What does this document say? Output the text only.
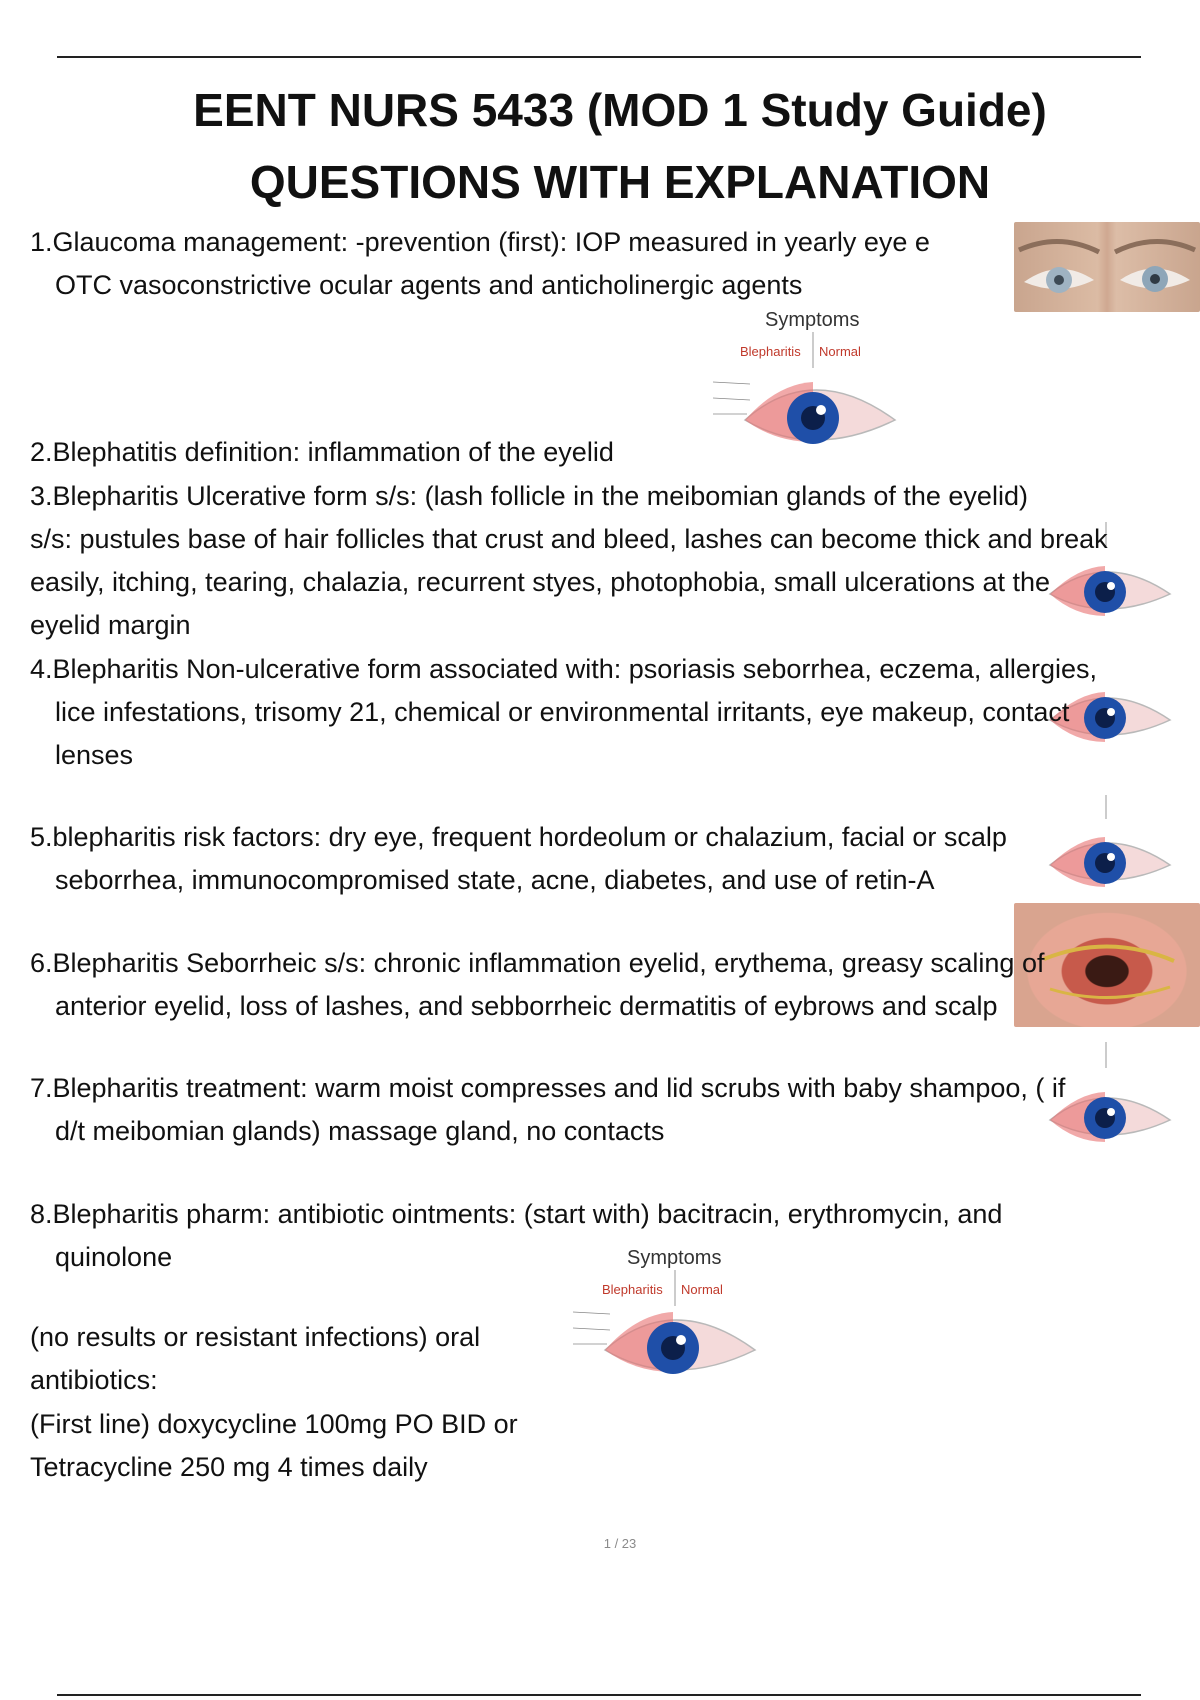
EENT NURS 5433 (MOD 1 Study Guide)
QUESTIONS WITH EXPLANATION
1.Glaucoma management: -prevention (first): IOP measured in yearly eye e
OTC vasoconstrictive ocular agents and anticholinergic agents
Symptoms
Blepharitis Normal
2.Blephatitis definition: inflammation of the eyelid
3.Blepharitis Ulcerative form s/s: (lash follicle in the meibomian glands of the eyelid)
s/s: pustules base of hair follicles that crust and bleed, lashes can become thick and break
easily, itching, tearing, chalazia, recurrent styes, photophobia, small ulcerations at the
eyelid margin
4.Blepharitis Non-ulcerative form associated with: psoriasis seborrhea, eczema, allergies,
lice infestations, trisomy 21, chemical or environmental irritants, eye makeup, contact
lenses
5.blepharitis risk factors: dry eye, frequent hordeolum or chalazium, facial or scalp
seborrhea, immunocompromised state, acne, diabetes, and use of retin-A
6.Blepharitis Seborrheic s/s: chronic inflammation eyelid, erythema, greasy scaling of
anterior eyelid, loss of lashes, and sebborrheic dermatitis of eybrows and scalp
7.Blepharitis treatment: warm moist compresses and lid scrubs with baby shampoo, ( if
d/t meibomian glands) massage gland, no contacts
8.Blepharitis pharm: antibiotic ointments: (start with) bacitracin, erythromycin, and
quinolone	Symptoms
Blepharitis Normal
(no results or resistant infections) oral
antibiotics:
(First line) doxycycline 100mg PO BID or
Tetracycline 250 mg 4 times daily
1 / 23
